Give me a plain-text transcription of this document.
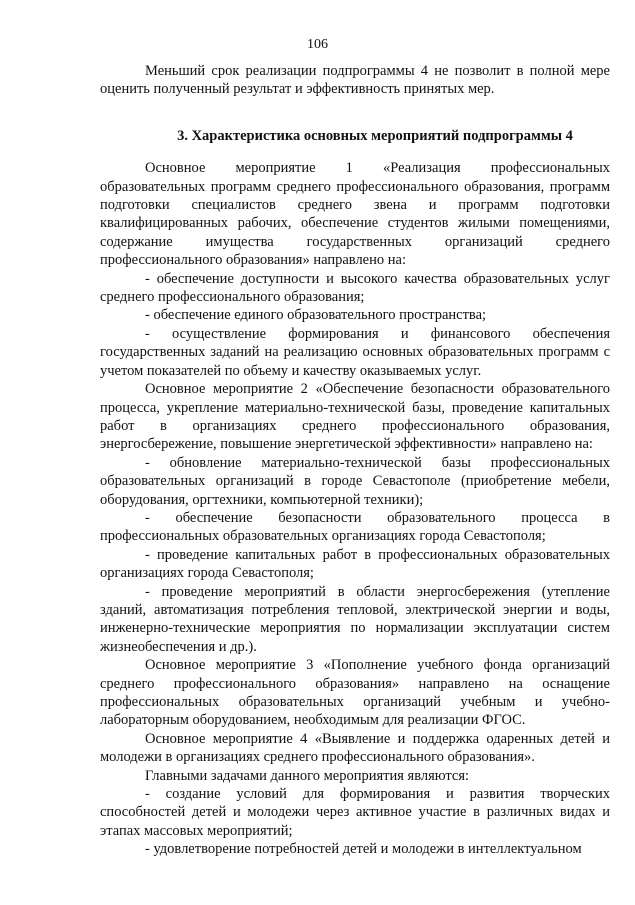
106

Меньший срок реализации подпрограммы 4 не позволит в полной мере оценить полученный результат и эффективность принятых мер.

3. Характеристика основных мероприятий подпрограммы 4

Основное мероприятие 1 «Реализация профессиональных образовательных программ среднего профессионального образования, программ подготовки специалистов среднего звена и программ подготовки квалифицированных рабочих, обеспечение студентов жилыми помещениями, содержание имущества государственных организаций среднего профессионального образования» направлено на:

- обеспечение доступности и высокого качества образовательных услуг среднего профессионального образования;

- обеспечение единого образовательного пространства;

- осуществление формирования и финансового обеспечения государственных заданий на реализацию основных образовательных программ с учетом показателей по объему и качеству оказываемых услуг.

Основное мероприятие 2 «Обеспечение безопасности образовательного процесса, укрепление материально-технической базы, проведение капитальных работ в организациях среднего профессионального образования, энергосбережение, повышение энергетической эффективности» направлено на:

- обновление материально-технической базы профессиональных образовательных организаций в городе Севастополе (приобретение мебели, оборудования, оргтехники, компьютерной техники);

- обеспечение безопасности образовательного процесса в профессиональных образовательных организациях города Севастополя;

- проведение капитальных работ в профессиональных образовательных организациях города Севастополя;

- проведение мероприятий в области энергосбережения (утепление зданий, автоматизация потребления тепловой, электрической энергии и воды, инженерно-технические мероприятия по нормализации эксплуатации систем жизнеобеспечения и др.).

Основное мероприятие 3 «Пополнение учебного фонда организаций среднего профессионального образования» направлено на оснащение профессиональных образовательных организаций учебным и учебно-лабораторным оборудованием, необходимым для реализации ФГОС.

Основное мероприятие 4 «Выявление и поддержка одаренных детей и молодежи в организациях среднего профессионального образования».

Главными задачами данного мероприятия являются:

- создание условий для формирования и развития творческих способностей детей и молодежи через активное участие в различных видах и этапах массовых мероприятий;

- удовлетворение потребностей детей и молодежи в интеллектуальном
